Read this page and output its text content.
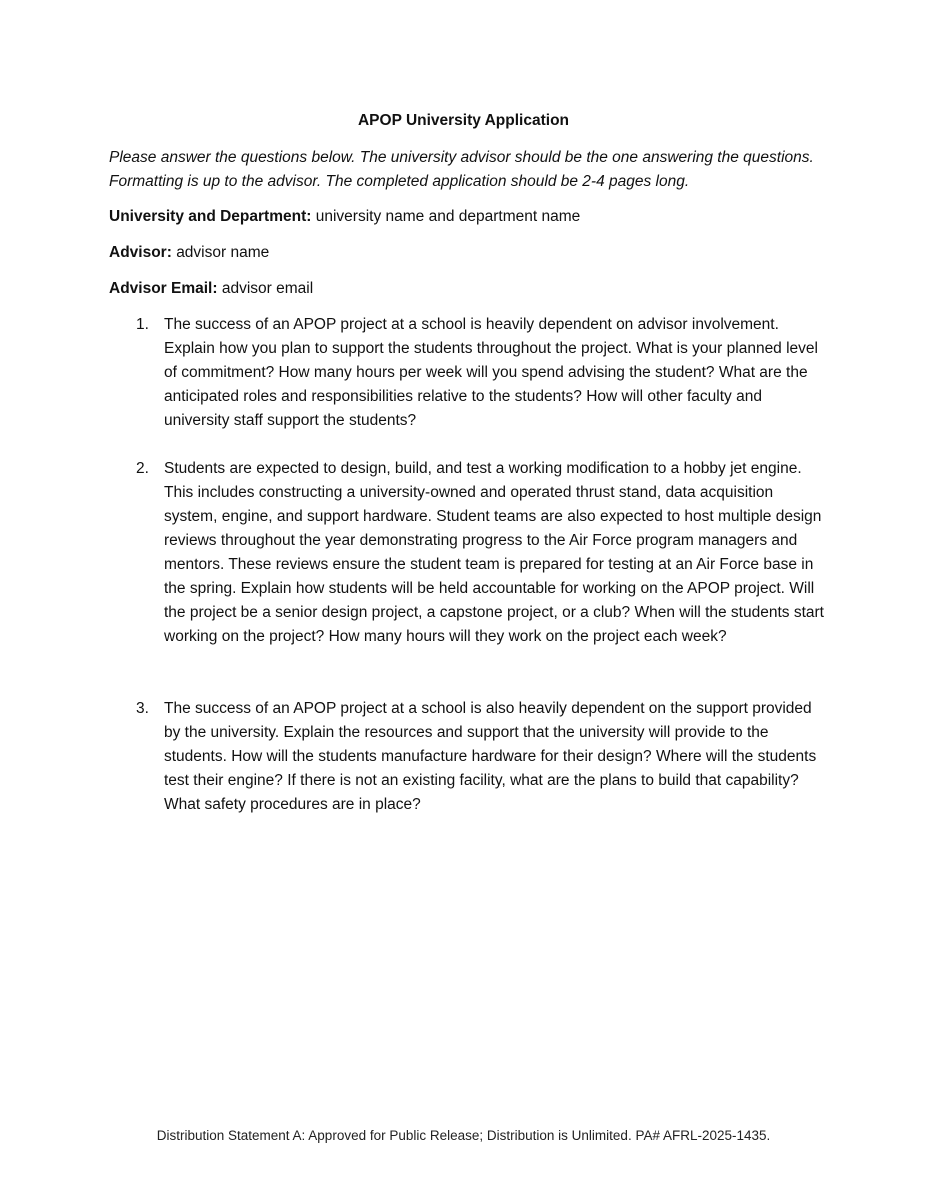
APOP University Application
Please answer the questions below. The university advisor should be the one answering the questions. Formatting is up to the advisor. The completed application should be 2-4 pages long.
University and Department: university name and department name
Advisor: advisor name
Advisor Email: advisor email
1. The success of an APOP project at a school is heavily dependent on advisor involvement. Explain how you plan to support the students throughout the project. What is your planned level of commitment? How many hours per week will you spend advising the student? What are the anticipated roles and responsibilities relative to the students? How will other faculty and university staff support the students?
2. Students are expected to design, build, and test a working modification to a hobby jet engine. This includes constructing a university-owned and operated thrust stand, data acquisition system, engine, and support hardware. Student teams are also expected to host multiple design reviews throughout the year demonstrating progress to the Air Force program managers and mentors. These reviews ensure the student team is prepared for testing at an Air Force base in the spring. Explain how students will be held accountable for working on the APOP project. Will the project be a senior design project, a capstone project, or a club? When will the students start working on the project? How many hours will they work on the project each week?
3. The success of an APOP project at a school is also heavily dependent on the support provided by the university. Explain the resources and support that the university will provide to the students. How will the students manufacture hardware for their design? Where will the students test their engine? If there is not an existing facility, what are the plans to build that capability? What safety procedures are in place?
Distribution Statement A: Approved for Public Release; Distribution is Unlimited. PA# AFRL-2025-1435.
